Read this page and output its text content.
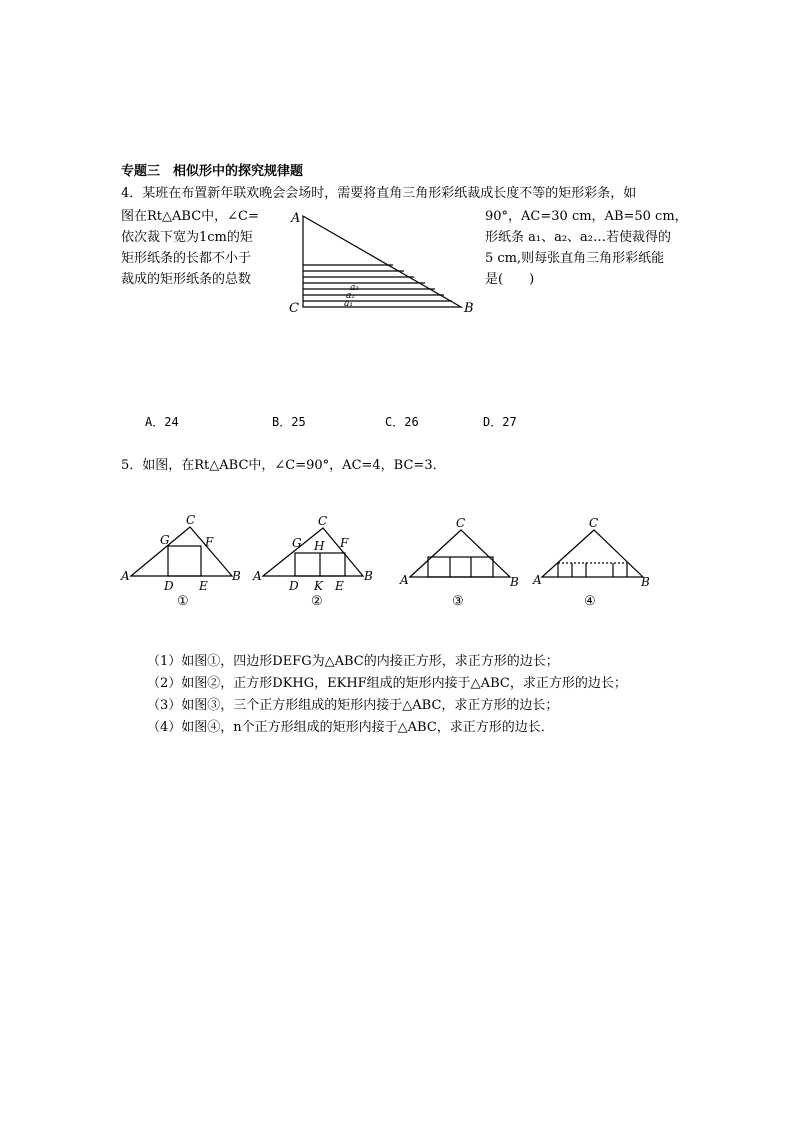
专题三　相似形中的探究规律题
4．某班在布置新年联欢晚会会场时，需要将直角三角形彩纸裁成长度不等的矩形彩条，如
图在Rt△ABC中，∠C=
依次裁下宽为1cm的矩
矩形纸条的长都不小于
裁成的矩形纸条的总数
90°，AC=30 cm，AB=50 cm，
形纸条 a₁、a₂、a₂…若使裁得的
5 cm,则每张直角三角形彩纸能
是(　　)
A
C	B
a₃
a₂
a₁
A．24	B．25	C．26	D．27
5．如图，在Rt△ABC中，∠C=90°，AC=4，BC=3．
C
G	F
A	B
D E
①
C
G H F
A	B
D K E
②
C
A	B
③
C
A	B
④
（1）如图①，四边形DEFG为△ABC的内接正方形，求正方形的边长；
（2）如图②，正方形DKHG，EKHF组成的矩形内接于△ABC，求正方形的边长；
（3）如图③，三个正方形组成的矩形内接于△ABC，求正方形的边长；
（4）如图④，n个正方形组成的矩形内接于△ABC，求正方形的边长．
